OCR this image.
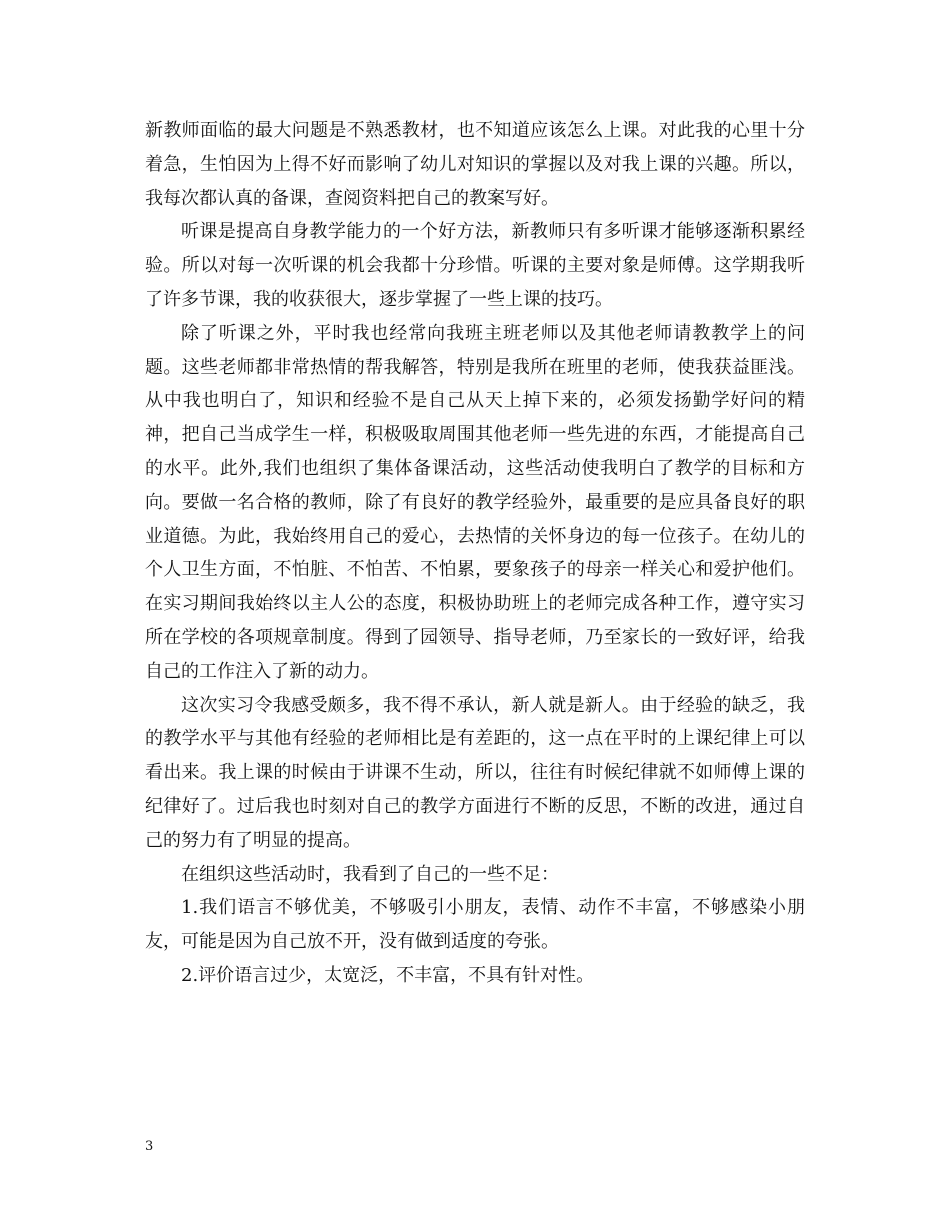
新教师面临的最大问题是不熟悉教材，也不知道应该怎么上课。对此我的心里十分着急，生怕因为上得不好而影响了幼儿对知识的掌握以及对我上课的兴趣。所以，我每次都认真的备课，查阅资料把自己的教案写好。

听课是提高自身教学能力的一个好方法，新教师只有多听课才能够逐渐积累经验。所以对每一次听课的机会我都十分珍惜。听课的主要对象是师傅。这学期我听了许多节课，我的收获很大，逐步掌握了一些上课的技巧。

除了听课之外，平时我也经常向我班主班老师以及其他老师请教教学上的问题。这些老师都非常热情的帮我解答，特别是我所在班里的老师，使我获益匪浅。从中我也明白了，知识和经验不是自己从天上掉下来的，必须发扬勤学好问的精神，把自己当成学生一样，积极吸取周围其他老师一些先进的东西，才能提高自己的水平。此外,我们也组织了集体备课活动，这些活动使我明白了教学的目标和方向。要做一名合格的教师，除了有良好的教学经验外，最重要的是应具备良好的职业道德。为此，我始终用自己的爱心，去热情的关怀身边的每一位孩子。在幼儿的个人卫生方面，不怕脏、不怕苦、不怕累，要象孩子的母亲一样关心和爱护他们。在实习期间我始终以主人公的态度，积极协助班上的老师完成各种工作，遵守实习所在学校的各项规章制度。得到了园领导、指导老师，乃至家长的一致好评，给我自己的工作注入了新的动力。

这次实习令我感受颇多，我不得不承认，新人就是新人。由于经验的缺乏，我的教学水平与其他有经验的老师相比是有差距的，这一点在平时的上课纪律上可以看出来。我上课的时候由于讲课不生动，所以，往往有时候纪律就不如师傅上课的纪律好了。过后我也时刻对自己的教学方面进行不断的反思，不断的改进，通过自己的努力有了明显的提高。

在组织这些活动时，我看到了自己的一些不足：

1.我们语言不够优美，不够吸引小朋友，表情、动作不丰富，不够感染小朋友，可能是因为自己放不开，没有做到适度的夸张。

2.评价语言过少，太宽泛，不丰富，不具有针对性。

3
